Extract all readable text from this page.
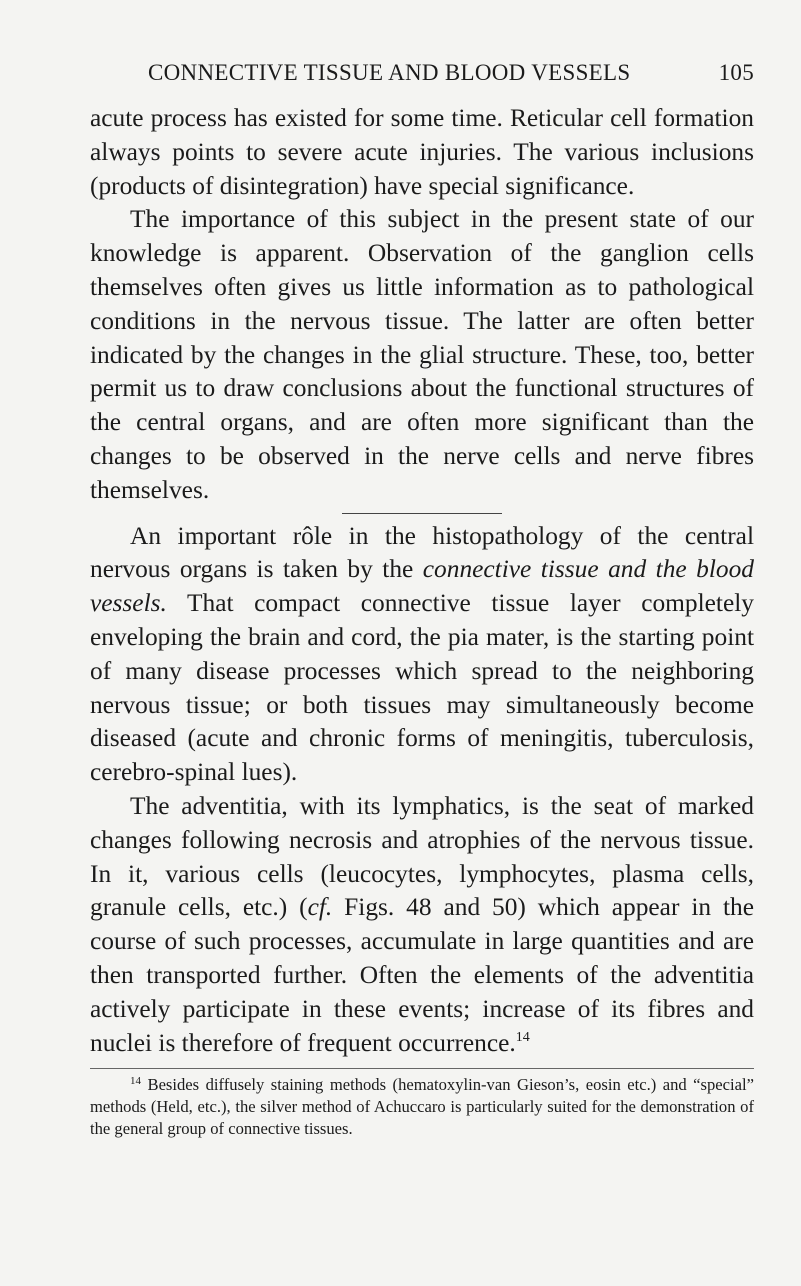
CONNECTIVE TISSUE AND BLOOD VESSELS	105

acute process has existed for some time. Reticular cell formation always points to severe acute injuries. The various inclusions (products of disintegration) have special significance.

The importance of this subject in the present state of our knowledge is apparent. Observation of the ganglion cells themselves often gives us little information as to pathological conditions in the nervous tissue. The latter are often better indicated by the changes in the glial structure. These, too, better permit us to draw conclusions about the functional structures of the central organs, and are often more significant than the changes to be observed in the nerve cells and nerve fibres themselves.

An important rôle in the histopathology of the central nervous organs is taken by the connective tissue and the blood vessels. That compact connective tissue layer completely enveloping the brain and cord, the pia mater, is the starting point of many disease processes which spread to the neighboring nervous tissue; or both tissues may simultaneously become diseased (acute and chronic forms of meningitis, tuberculosis, cerebro-spinal lues).

The adventitia, with its lymphatics, is the seat of marked changes following necrosis and atrophies of the nervous tissue. In it, various cells (leucocytes, lymphocytes, plasma cells, granule cells, etc.) (cf. Figs. 48 and 50) which appear in the course of such processes, accumulate in large quantities and are then transported further. Often the elements of the adventitia actively participate in these events; increase of its fibres and nuclei is therefore of frequent occurrence.$^{14}$

$^{14}$ Besides diffusely staining methods (hematoxylin-van Gieson’s, eosin etc.) and “special” methods (Held, etc.), the silver method of Achuccaro is particularly suited for the demonstration of the general group of connective tissues.
